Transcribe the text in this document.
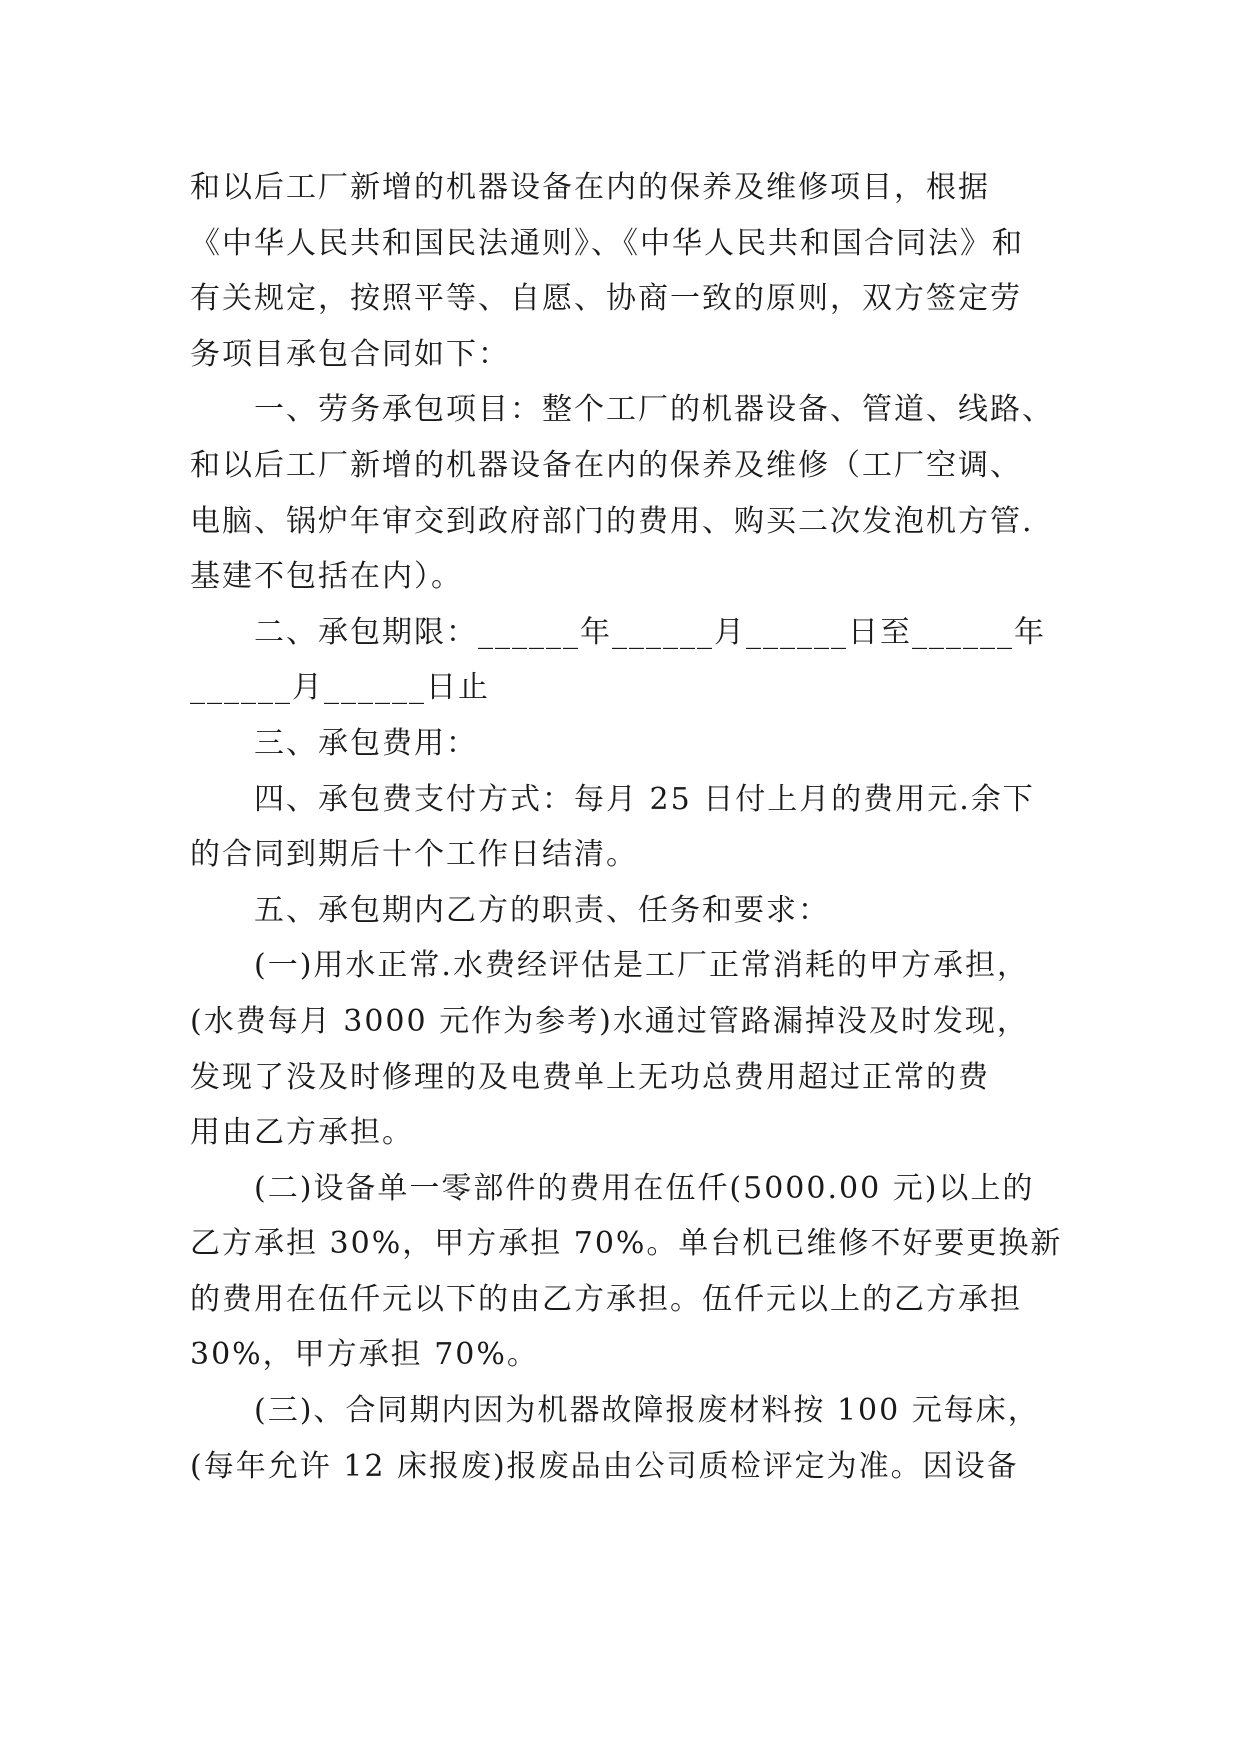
和以后工厂新增的机器设备在内的保养及维修项目，根据
《中华人民共和国民法通则》、《中华人民共和国合同法》和
有关规定，按照平等、自愿、协商一致的原则，双方签定劳
务项目承包合同如下：
一、劳务承包项目：整个工厂的机器设备、管道、线路、
和以后工厂新增的机器设备在内的保养及维修（工厂空调、
电脑、锅炉年审交到政府部门的费用、购买二次发泡机方管.
基建不包括在内）。
二、承包期限：______年______月______日至______年
______月______日止
三、承包费用：
四、承包费支付方式：每月 25 日付上月的费用元.余下
的合同到期后十个工作日结清。
五、承包期内乙方的职责、任务和要求：
(一)用水正常.水费经评估是工厂正常消耗的甲方承担，
(水费每月 3000 元作为参考)水通过管路漏掉没及时发现，
发现了没及时修理的及电费单上无功总费用超过正常的费
用由乙方承担。
(二)设备单一零部件的费用在伍仟(5000.00 元)以上的
乙方承担 30%，甲方承担 70%。单台机已维修不好要更换新
的费用在伍仟元以下的由乙方承担。伍仟元以上的乙方承担
30%，甲方承担 70%。
(三)、合同期内因为机器故障报废材料按 100 元每床，
(每年允许 12 床报废)报废品由公司质检评定为准。因设备
